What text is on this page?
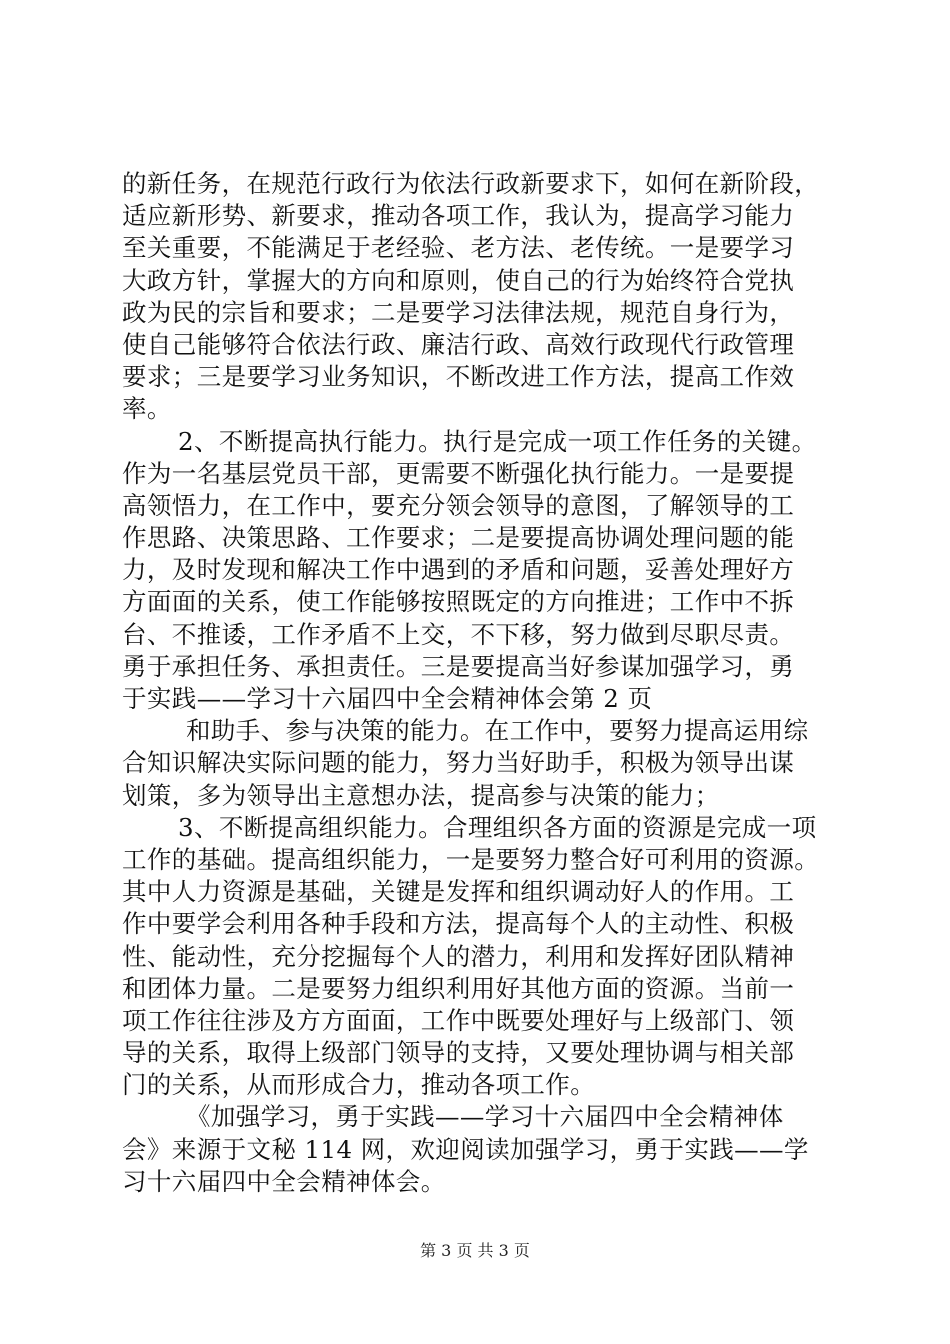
的新任务，在规范行政行为依法行政新要求下，如何在新阶段，
适应新形势、新要求，推动各项工作，我认为，提高学习能力
至关重要，不能满足于老经验、老方法、老传统。一是要学习
大政方针，掌握大的方向和原则，使自己的行为始终符合党执
政为民的宗旨和要求；二是要学习法律法规，规范自身行为，
使自己能够符合依法行政、廉洁行政、高效行政现代行政管理
要求；三是要学习业务知识，不断改进工作方法，提高工作效
率。
2、不断提高执行能力。执行是完成一项工作任务的关键。
作为一名基层党员干部，更需要不断强化执行能力。一是要提
高领悟力，在工作中，要充分领会领导的意图，了解领导的工
作思路、决策思路、工作要求；二是要提高协调处理问题的能
力，及时发现和解决工作中遇到的矛盾和问题，妥善处理好方
方面面的关系，使工作能够按照既定的方向推进；工作中不拆
台、不推诿，工作矛盾不上交，不下移，努力做到尽职尽责。
勇于承担任务、承担责任。三是要提高当好参谋加强学习，勇
于实践——学习十六届四中全会精神体会第 2 页
和助手、参与决策的能力。在工作中，要努力提高运用综
合知识解决实际问题的能力，努力当好助手，积极为领导出谋
划策，多为领导出主意想办法，提高参与决策的能力；
3、不断提高组织能力。合理组织各方面的资源是完成一项
工作的基础。提高组织能力，一是要努力整合好可利用的资源。
其中人力资源是基础，关键是发挥和组织调动好人的作用。工
作中要学会利用各种手段和方法，提高每个人的主动性、积极
性、能动性，充分挖掘每个人的潜力，利用和发挥好团队精神
和团体力量。二是要努力组织利用好其他方面的资源。当前一
项工作往往涉及方方面面，工作中既要处理好与上级部门、领
导的关系，取得上级部门领导的支持，又要处理协调与相关部
门的关系，从而形成合力，推动各项工作。
《加强学习，勇于实践——学习十六届四中全会精神体
会》来源于文秘 114 网，欢迎阅读加强学习，勇于实践——学
习十六届四中全会精神体会。
第 3 页 共 3 页
